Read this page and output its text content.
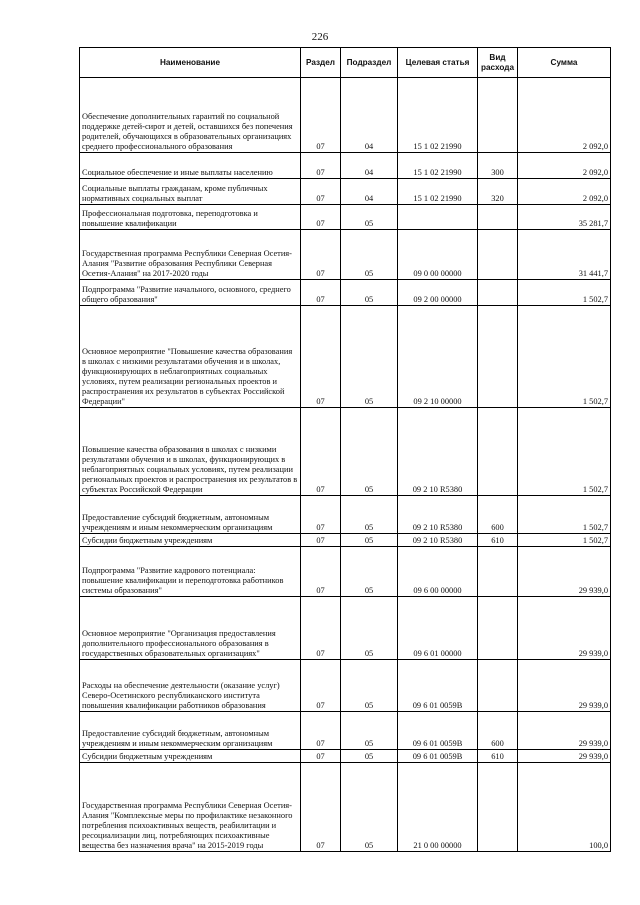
226
Наименование	Раздел	Подраздел	Целевая статья	Вид расхода	Сумма
Обеспечение дополнительных гарантий по социальной поддержке детей-сирот и детей, оставшихся без попечения родителей, обучающихся в образовательных организациях среднего профессионального образования	07	04	15 1 02 21990		2 092,0
Социальное обеспечение и иные выплаты населению	07	04	15 1 02 21990	300	2 092,0
Социальные выплаты гражданам, кроме публичных нормативных социальных выплат	07	04	15 1 02 21990	320	2 092,0
Профессиональная подготовка, переподготовка и повышение квалификации	07	05			35 281,7
Государственная программа Республики Северная Осетия-Алания "Развитие образования Республики Северная Осетия-Алания" на 2017-2020 годы	07	05	09 0 00 00000		31 441,7
Подпрограмма "Развитие начального, основного, среднего общего образования"	07	05	09 2 00 00000		1 502,7
Основное мероприятие "Повышение качества образования в школах с низкими результатами обучения и в школах, функционирующих в неблагоприятных социальных условиях, путем реализации региональных проектов и распространения их результатов в субъектах Российской Федерации"	07	05	09 2 10 00000		1 502,7
Повышение качества образования в школах с низкими результатами обучения и в школах, функционирующих в неблагоприятных социальных условиях, путем реализации региональных проектов и распространения их результатов в субъектах Российской Федерации	07	05	09 2 10 R5380		1 502,7
Предоставление субсидий бюджетным, автономным учреждениям и иным некоммерческим организациям	07	05	09 2 10 R5380	600	1 502,7
Субсидии бюджетным учреждениям	07	05	09 2 10 R5380	610	1 502,7
Подпрограмма "Развитие кадрового потенциала: повышение квалификации и переподготовка работников системы образования"	07	05	09 6 00 00000		29 939,0
Основное мероприятие "Организация предоставления дополнительного профессионального образования в государственных образовательных организациях"	07	05	09 6 01 00000		29 939,0
Расходы на обеспечение деятельности (оказание услуг) Северо-Осетинского республиканского института повышения квалификации работников образования	07	05	09 6 01 0059В		29 939,0
Предоставление субсидий бюджетным, автономным учреждениям и иным некоммерческим организациям	07	05	09 6 01 0059В	600	29 939,0
Субсидии бюджетным учреждениям	07	05	09 6 01 0059В	610	29 939,0
Государственная программа Республики Северная Осетия-Алания "Комплексные меры по профилактике незаконного потребления психоактивных веществ, реабилитации и ресоциализации лиц, потребляющих психоактивные вещества без назначения врача" на 2015-2019 годы	07	05	21 0 00 00000		100,0
